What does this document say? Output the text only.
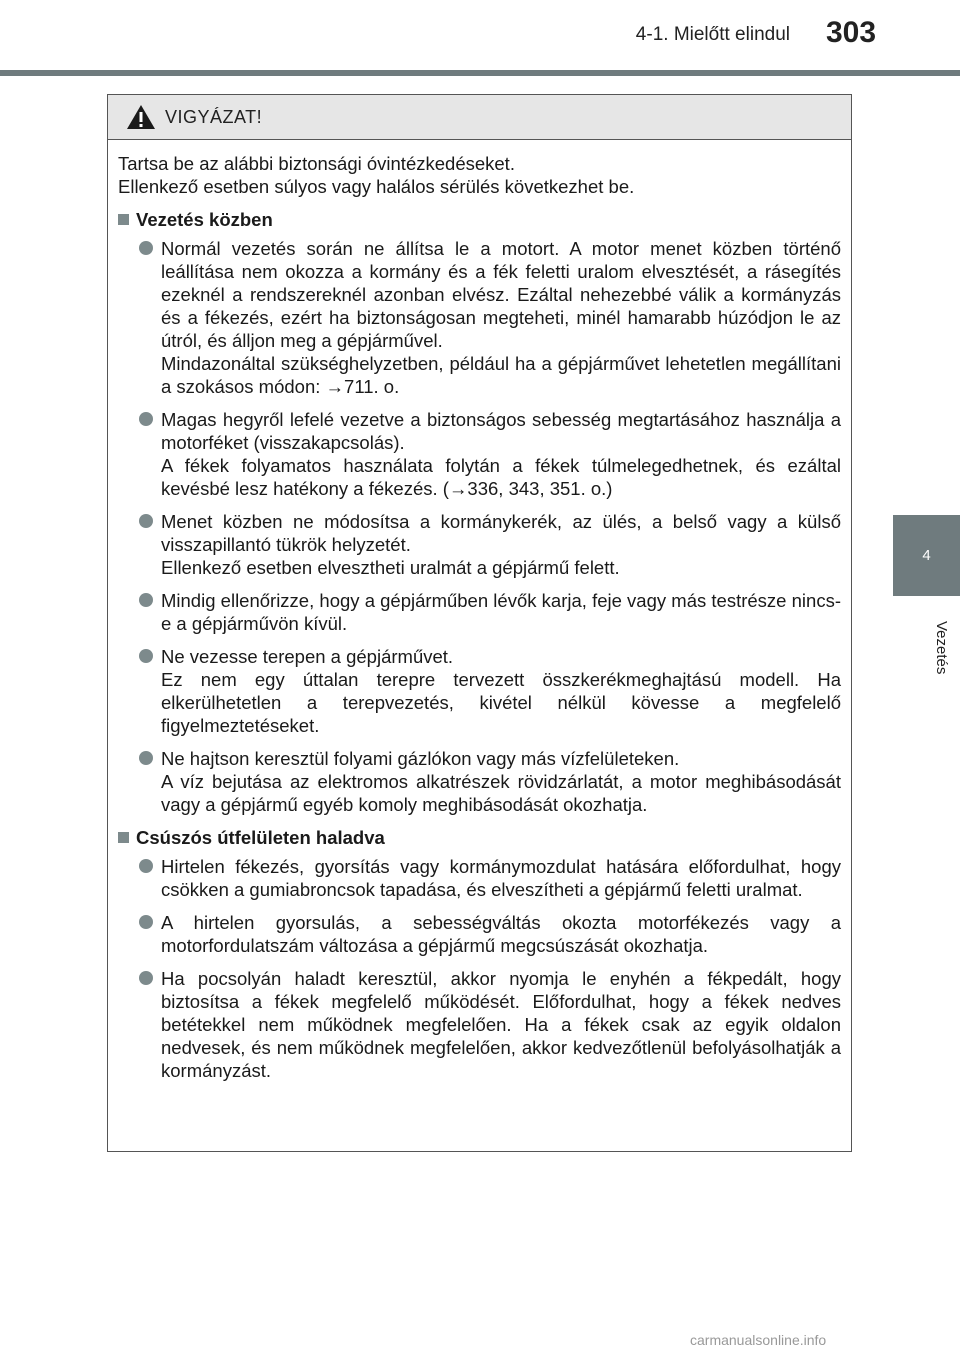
4-1. Mielőtt elindul 303
4
Vezetés
VIGYÁZAT!
Tartsa be az alábbi biztonsági óvintézkedéseket.
Ellenkező esetben súlyos vagy halálos sérülés következhet be.
Vezetés közben

Normál vezetés során ne állítsa le a motort. A motor menet közben történő leállítása nem okozza a kormány és a fék feletti uralom elvesztését, a rásegítés ezeknél a rendszereknél azonban elvész. Ezáltal nehezebbé válik a kormányzás és a fékezés, ezért ha biztonságosan megteheti, minél hamarabb húzódjon le az útról, és álljon meg a gépjárművel.

Mindazonáltal szükséghelyzetben, például ha a gépjárművet lehetetlen megállítani a szokásos módon: →711. o.

Magas hegyről lefelé vezetve a biztonságos sebesség megtartásához használja a motorféket (visszakapcsolás).

A fékek folyamatos használata folytán a fékek túlmelegedhetnek, és ezáltal kevésbé lesz hatékony a fékezés. (→336, 343, 351. o.)

Menet közben ne módosítsa a kormánykerék, az ülés, a belső vagy a külső visszapillantó tükrök helyzetét.

Ellenkező esetben elvesztheti uralmát a gépjármű felett.

Mindig ellenőrizze, hogy a gépjárműben lévők karja, feje vagy más testrésze nincs-e a gépjárművön kívül.

Ne vezesse terepen a gépjárművet.

Ez nem egy úttalan terepre tervezett összkerékmeghajtású modell. Ha elkerülhetetlen a terepvezetés, kivétel nélkül kövesse a megfelelő figyelmeztetéseket.

Ne hajtson keresztül folyami gázlókon vagy más vízfelületeken.

A víz bejutása az elektromos alkatrészek rövidzárlatát, a motor meghibásodását vagy a gépjármű egyéb komoly meghibásodását okozhatja.

Csúszós útfelületen haladva

Hirtelen fékezés, gyorsítás vagy kormánymozdulat hatására előfordulhat, hogy csökken a gumiabroncsok tapadása, és elveszítheti a gépjármű feletti uralmat.

A hirtelen gyorsulás, a sebességváltás okozta motorfékezés vagy a motorfordulatszám változása a gépjármű megcsúszását okozhatja.

Ha pocsolyán haladt keresztül, akkor nyomja le enyhén a fékpedált, hogy biztosítsa a fékek megfelelő működését. Előfordulhat, hogy a fékek nedves betétekkel nem működnek megfelelően. Ha a fékek csak az egyik oldalon nedvesek, és nem működnek megfelelően, akkor kedvezőtlenül befolyásolhatják a kormányzást.

carmanualsonline.info
